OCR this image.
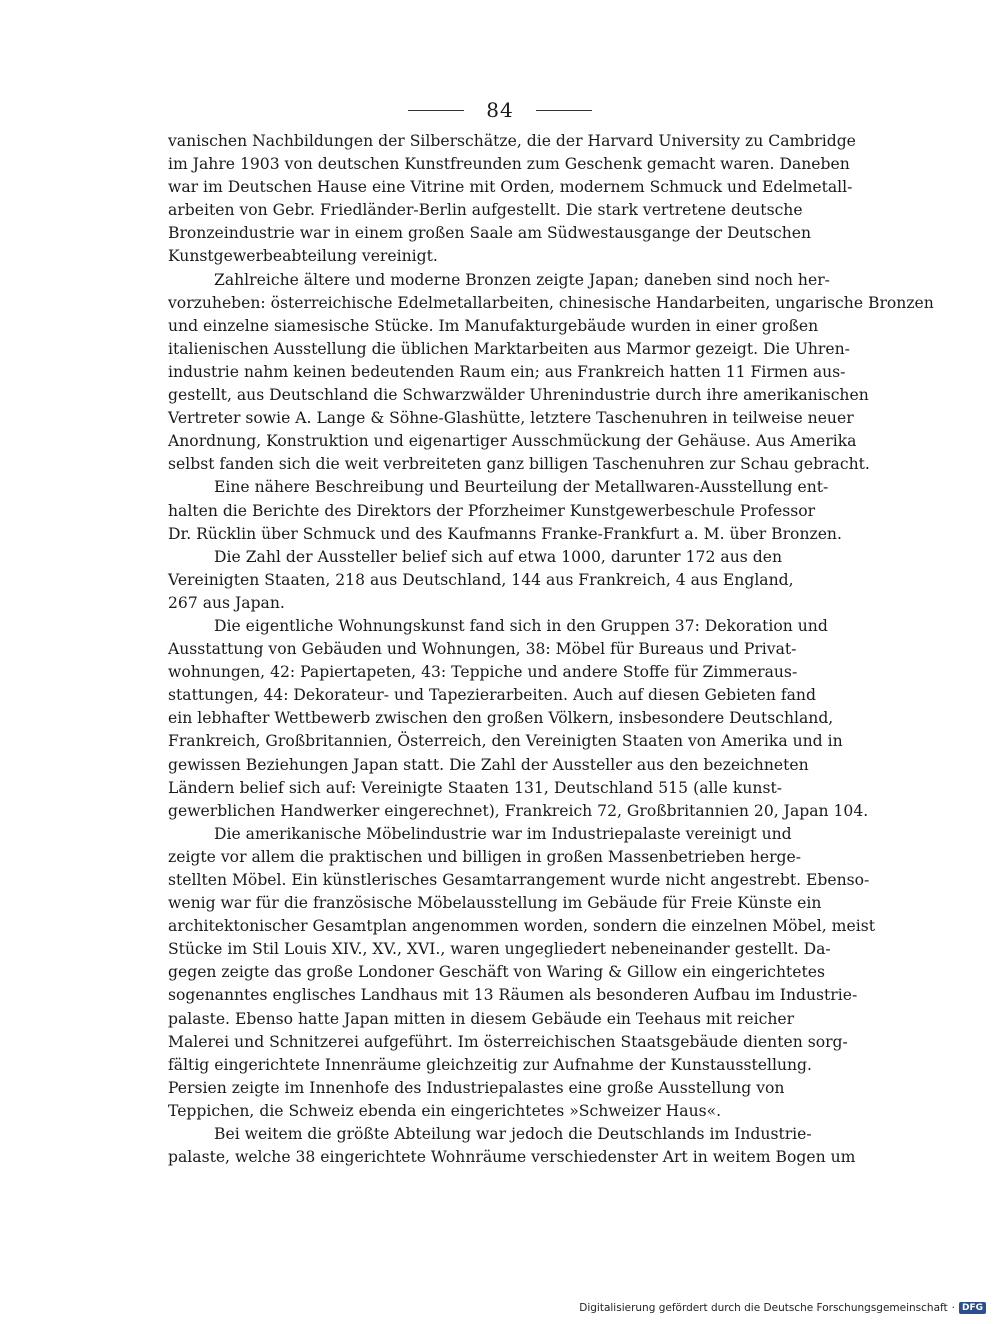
84
vanischen Nachbildungen der Silberschätze, die der Harvard University zu Cambridge
im Jahre 1903 von deutschen Kunstfreunden zum Geschenk gemacht waren. Daneben
war im Deutschen Hause eine Vitrine mit Orden, modernem Schmuck und Edelmetall-
arbeiten von Gebr. Friedländer-Berlin aufgestellt. Die stark vertretene deutsche
Bronzeindustrie war in einem großen Saale am Südwestausgange der Deutschen
Kunstgewerbeabteilung vereinigt.
Zahlreiche ältere und moderne Bronzen zeigte Japan; daneben sind noch her-
vorzuheben: österreichische Edelmetallarbeiten, chinesische Handarbeiten, ungarische Bronzen
und einzelne siamesische Stücke. Im Manufakturgebäude wurden in einer großen
italienischen Ausstellung die üblichen Marktarbeiten aus Marmor gezeigt. Die Uhren-
industrie nahm keinen bedeutenden Raum ein; aus Frankreich hatten 11 Firmen aus-
gestellt, aus Deutschland die Schwarzwälder Uhrenindustrie durch ihre amerikanischen
Vertreter sowie A. Lange & Söhne-Glashütte, letztere Taschenuhren in teilweise neuer
Anordnung, Konstruktion und eigenartiger Ausschmückung der Gehäuse. Aus Amerika
selbst fanden sich die weit verbreiteten ganz billigen Taschenuhren zur Schau gebracht.
Eine nähere Beschreibung und Beurteilung der Metallwaren-Ausstellung ent-
halten die Berichte des Direktors der Pforzheimer Kunstgewerbeschule Professor
Dr. Rücklin über Schmuck und des Kaufmanns Franke-Frankfurt a. M. über Bronzen.
Die Zahl der Aussteller belief sich auf etwa 1000, darunter 172 aus den
Vereinigten Staaten, 218 aus Deutschland, 144 aus Frankreich, 4 aus England,
267 aus Japan.
Die eigentliche Wohnungskunst fand sich in den Gruppen 37: Dekoration und
Ausstattung von Gebäuden und Wohnungen, 38: Möbel für Bureaus und Privat-
wohnungen, 42: Papiertapeten, 43: Teppiche und andere Stoffe für Zimmeraus-
stattungen, 44: Dekorateur- und Tapezierarbeiten. Auch auf diesen Gebieten fand
ein lebhafter Wettbewerb zwischen den großen Völkern, insbesondere Deutschland,
Frankreich, Großbritannien, Österreich, den Vereinigten Staaten von Amerika und in
gewissen Beziehungen Japan statt. Die Zahl der Aussteller aus den bezeichneten
Ländern belief sich auf: Vereinigte Staaten 131, Deutschland 515 (alle kunst-
gewerblichen Handwerker eingerechnet), Frankreich 72, Großbritannien 20, Japan 104.
Die amerikanische Möbelindustrie war im Industriepalaste vereinigt und
zeigte vor allem die praktischen und billigen in großen Massenbetrieben herge-
stellten Möbel. Ein künstlerisches Gesamtarrangement wurde nicht angestrebt. Ebenso-
wenig war für die französische Möbelausstellung im Gebäude für Freie Künste ein
architektonischer Gesamtplan angenommen worden, sondern die einzelnen Möbel, meist
Stücke im Stil Louis XIV., XV., XVI., waren ungegliedert nebeneinander gestellt. Da-
gegen zeigte das große Londoner Geschäft von Waring & Gillow ein eingerichtetes
sogenanntes englisches Landhaus mit 13 Räumen als besonderen Aufbau im Industrie-
palaste. Ebenso hatte Japan mitten in diesem Gebäude ein Teehaus mit reicher
Malerei und Schnitzerei aufgeführt. Im österreichischen Staatsgebäude dienten sorg-
fältig eingerichtete Innenräume gleichzeitig zur Aufnahme der Kunstausstellung.
Persien zeigte im Innenhofe des Industriepalastes eine große Ausstellung von
Teppichen, die Schweiz ebenda ein eingerichtetes »Schweizer Haus«.
Bei weitem die größte Abteilung war jedoch die Deutschlands im Industrie-
palaste, welche 38 eingerichtete Wohnräume verschiedenster Art in weitem Bogen um
Digitalisierung gefördert durch die Deutsche Forschungsgemeinschaft · DFG
